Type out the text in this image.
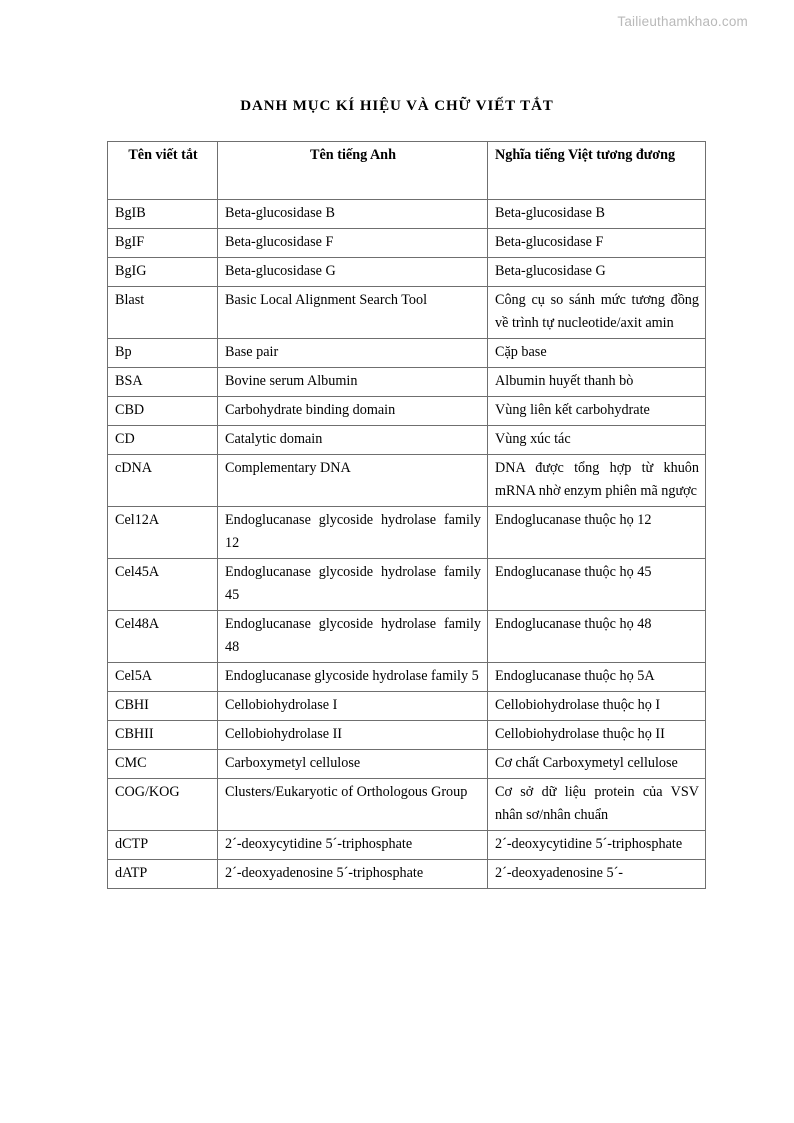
Tailieuthamkhao.com
DANH MỤC KÍ HIỆU VÀ CHỮ VIẾT TẮT
Tên viết tắt	Tên tiếng Anh	Nghĩa tiếng Việt tương đương

BgIB	Beta-glucosidase B	Beta-glucosidase B
BgIF	Beta-glucosidase F	Beta-glucosidase F
BgIG	Beta-glucosidase G	Beta-glucosidase G
Blast	Basic Local Alignment Search Tool	Công cụ so sánh mức tương đồng về trình tự nucleotide/axit amin
Bp	Base pair	Cặp base
BSA	Bovine serum Albumin	Albumin huyết thanh bò
CBD	Carbohydrate binding domain	Vùng liên kết carbohydrate
CD	Catalytic domain	Vùng xúc tác
cDNA	Complementary DNA	DNA được tổng hợp từ khuôn mRNA nhờ enzym phiên mã ngược
Cel12A	Endoglucanase glycoside hydrolase family 12	Endoglucanase thuộc họ 12
Cel45A	Endoglucanase glycoside hydrolase family 45	Endoglucanase thuộc họ 45
Cel48A	Endoglucanase glycoside hydrolase family 48	Endoglucanase thuộc họ 48
Cel5A	Endoglucanase glycoside hydrolase family 5	Endoglucanase thuộc họ 5A
CBHI	Cellobiohydrolase I	Cellobiohydrolase thuộc họ I
CBHII	Cellobiohydrolase II	Cellobiohydrolase thuộc họ II
CMC	Carboxymetyl cellulose	Cơ chất Carboxymetyl cellulose
COG/KOG	Clusters/Eukaryotic of Orthologous Group	Cơ sở dữ liệu protein của VSV nhân sơ/nhân chuẩn
dCTP	2´-deoxycytidine 5´-triphosphate	2´-deoxycytidine 5´-triphosphate
dATP	2´-deoxyadenosine 5´-triphosphate	2´-deoxyadenosine 5´-
